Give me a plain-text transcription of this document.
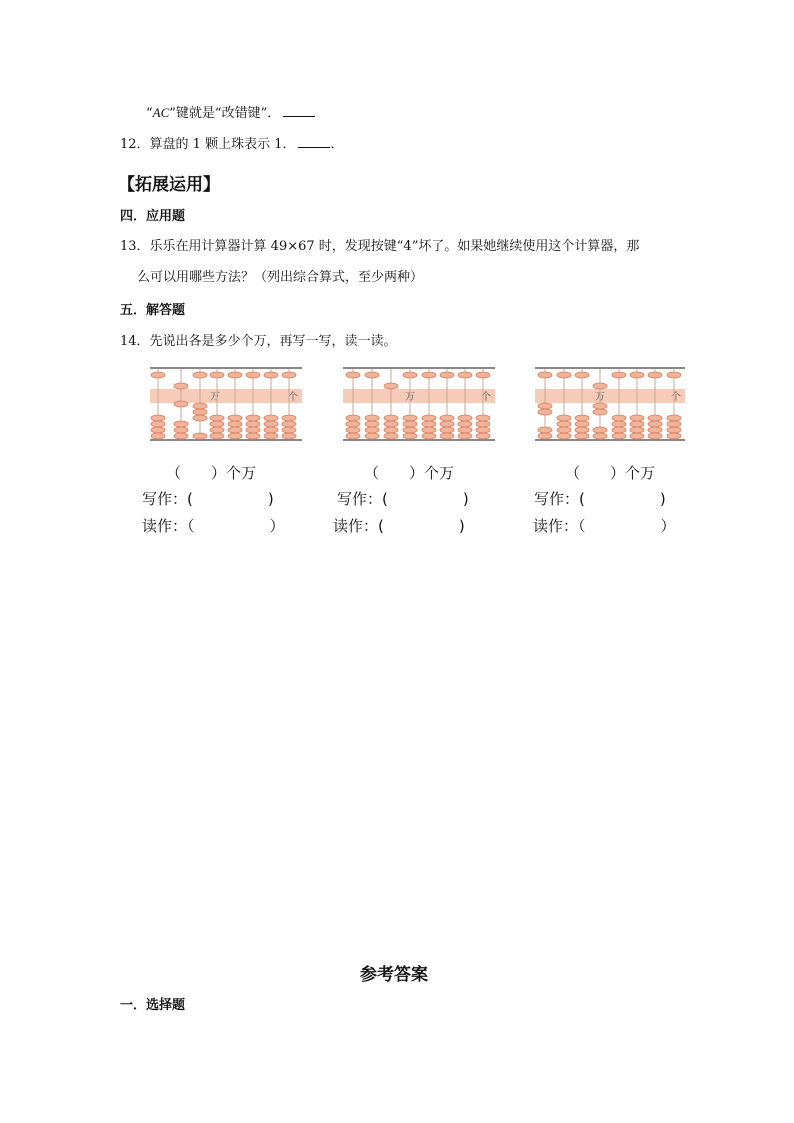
“AC”键就是“改错键”．
12．算盘的 1 颗上珠表示 1．	．
【拓展运用】
四．应用题
13．乐乐在用计算器计算 49×67 时，发现按键“4”坏了。如果她继续使用这个计算器，那
么可以用哪些方法？（列出综合算式，至少两种）
五．解答题
14．先说出各是多少个万，再写一写，读一读。
万	个	万	个	万	个
（　　）个万
写作：(　　　　　)
读作：（　　　　　）
（　　）个万
写作：(　　　　　)
读作：(　　　　　)
（　　）个万
写作：(　　　　　)
读作：（　　　　　）
参考答案
一．选择题
